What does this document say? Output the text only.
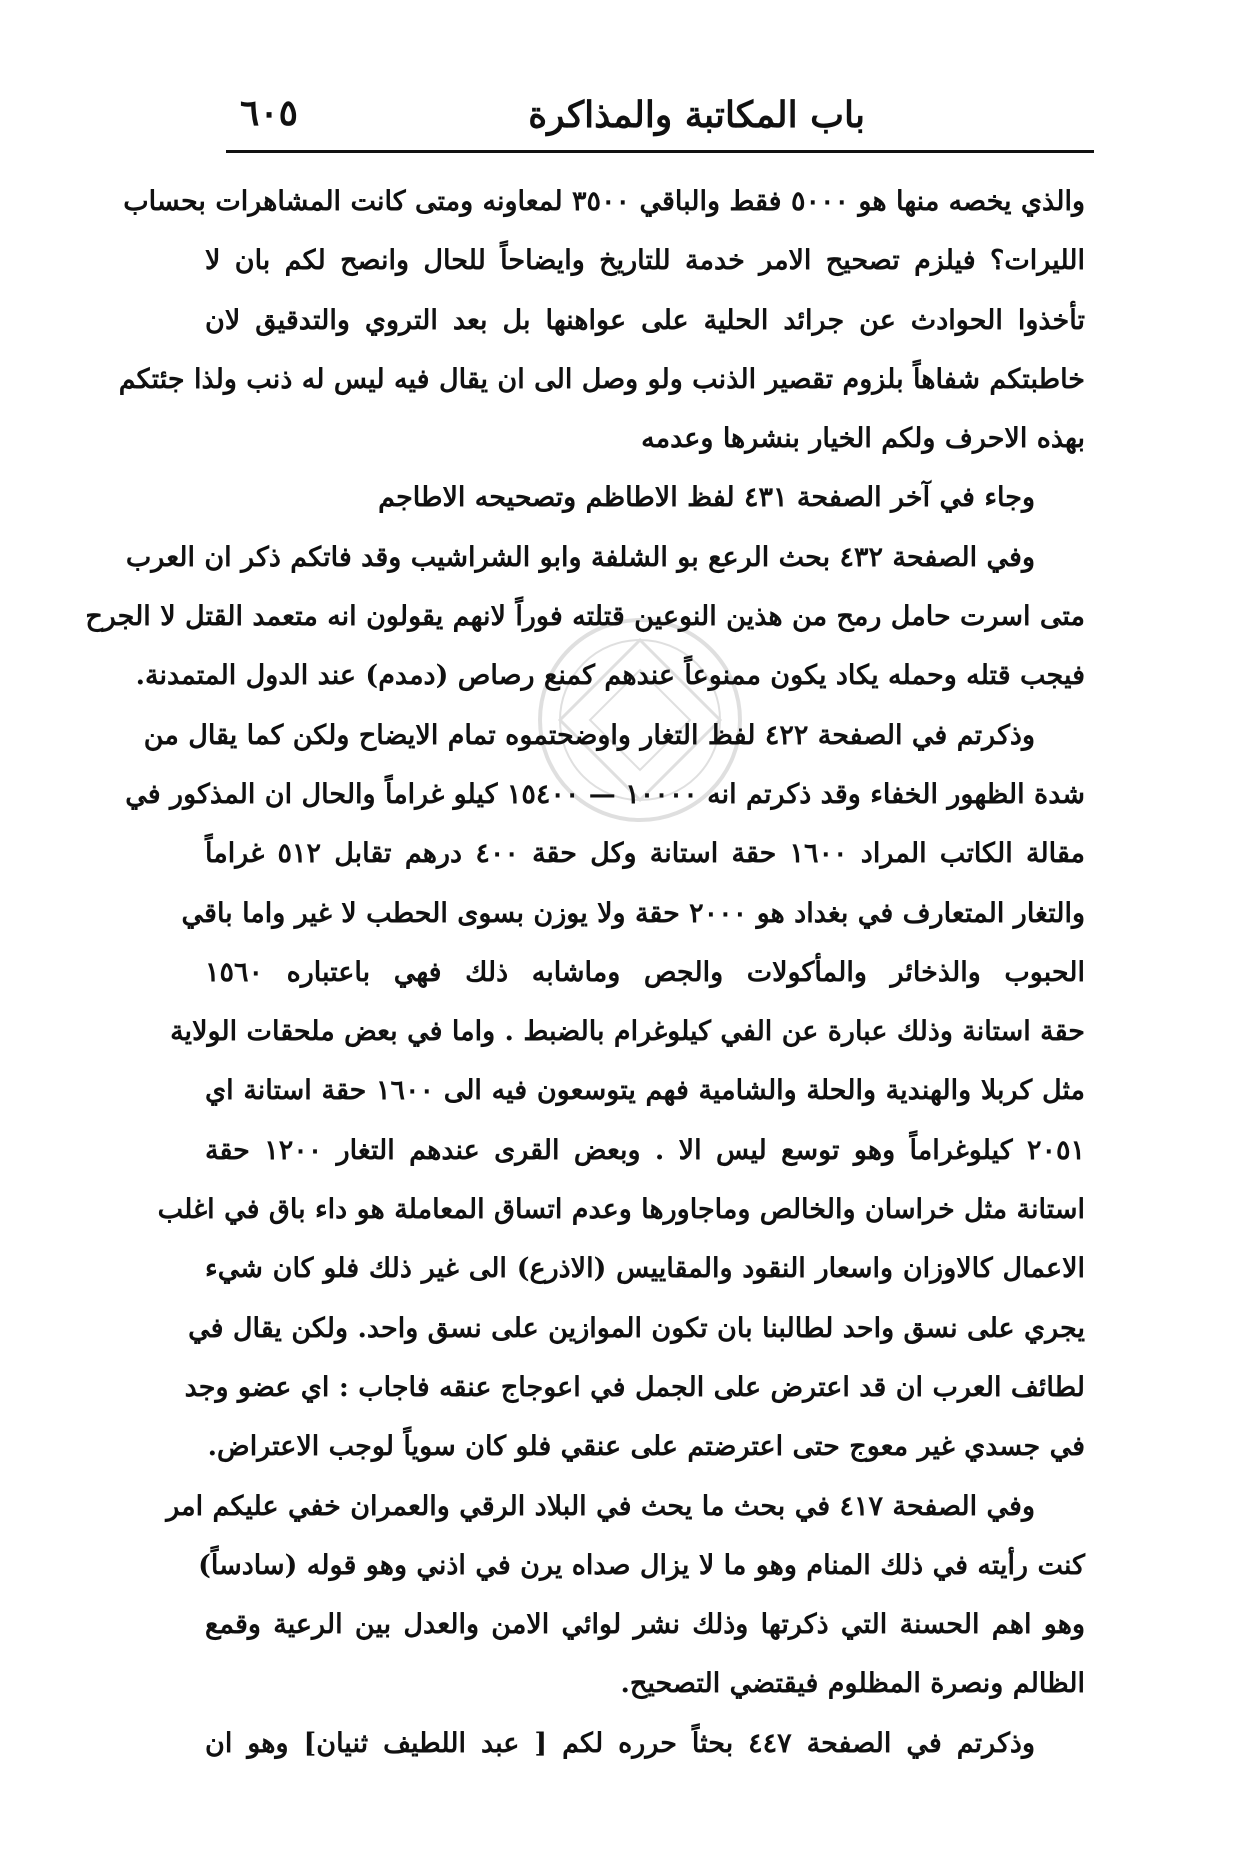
باب المكاتبة والمذاكرة
٦٠٥
والذي يخصه منها هو ٥٠٠٠ فقط والباقي ٣٥٠٠ لمعاونه ومتى كانت المشاهرات بحساب
الليرات؟ فيلزم تصحيح الامر خدمة للتاريخ وايضاحاً للحال وانصح لكم بان لا
تأخذوا الحوادث عن جرائد الحلية على عواهنها بل بعد التروي والتدقيق لان
خاطبتكم شفاهاً بلزوم تقصير الذنب ولو وصل الى ان يقال فيه ليس له ذنب ولذا جئتكم
بهذه الاحرف ولكم الخيار بنشرها وعدمه
وجاء في آخر الصفحة ٤٣١ لفظ الاطاظم وتصحيحه الاطاجم
وفي الصفحة ٤٣٢ بحث الرعع بو الشلفة وابو الشراشيب وقد فاتكم ذكر ان العرب
متى اسرت حامل رمح من هذين النوعين قتلته فوراً لانهم يقولون انه متعمد القتل لا الجرح
فيجب قتله وحمله يكاد يكون ممنوعاً عندهم كمنع رصاص (دمدم) عند الدول المتمدنة.
وذكرتم في الصفحة ٤٢٢ لفظ التغار واوضحتموه تمام الايضاح ولكن كما يقال من
شدة الظهور الخفاء وقد ذكرتم انه ١٠٠٠٠ — ١٥٤٠٠ كيلو غراماً والحال ان المذكور في
مقالة الكاتب المراد ١٦٠٠ حقة استانة وكل حقة ٤٠٠ درهم تقابل ٥١٢ غراماً
والتغار المتعارف في بغداد هو ٢٠٠٠ حقة ولا يوزن بسوى الحطب لا غير واما باقي
الحبوب والذخائر والمأكولات والجص وماشابه ذلك فهي باعتباره ١٥٦٠
حقة استانة وذلك عبارة عن الفي كيلوغرام بالضبط . واما في بعض ملحقات الولاية
مثل كربلا والهندية والحلة والشامية فهم يتوسعون فيه الى ١٦٠٠ حقة استانة اي
٢٠٥١ كيلوغراماً وهو توسع ليس الا . وبعض القرى عندهم التغار ١٢٠٠ حقة
استانة مثل خراسان والخالص وماجاورها وعدم اتساق المعاملة هو داء باق في اغلب
الاعمال كالاوزان واسعار النقود والمقاييس (الاذرع) الى غير ذلك فلو كان شيء
يجري على نسق واحد لطالبنا بان تكون الموازين على نسق واحد. ولكن يقال في
لطائف العرب ان قد اعترض على الجمل في اعوجاج عنقه فاجاب : اي عضو وجد
في جسدي غير معوج حتى اعترضتم على عنقي فلو كان سوياً لوجب الاعتراض.
وفي الصفحة ٤١٧ في بحث ما يحث في البلاد الرقي والعمران خفي عليكم امر
كنت رأيته في ذلك المنام وهو ما لا يزال صداه يرن في اذني وهو قوله (سادساً)
وهو اهم الحسنة التي ذكرتها وذلك نشر لوائي الامن والعدل بين الرعية وقمع
الظالم ونصرة المظلوم فيقتضي التصحيح.
وذكرتم في الصفحة ٤٤٧ بحثاً حرره لكم [ عبد اللطيف ثنيان] وهو ان
